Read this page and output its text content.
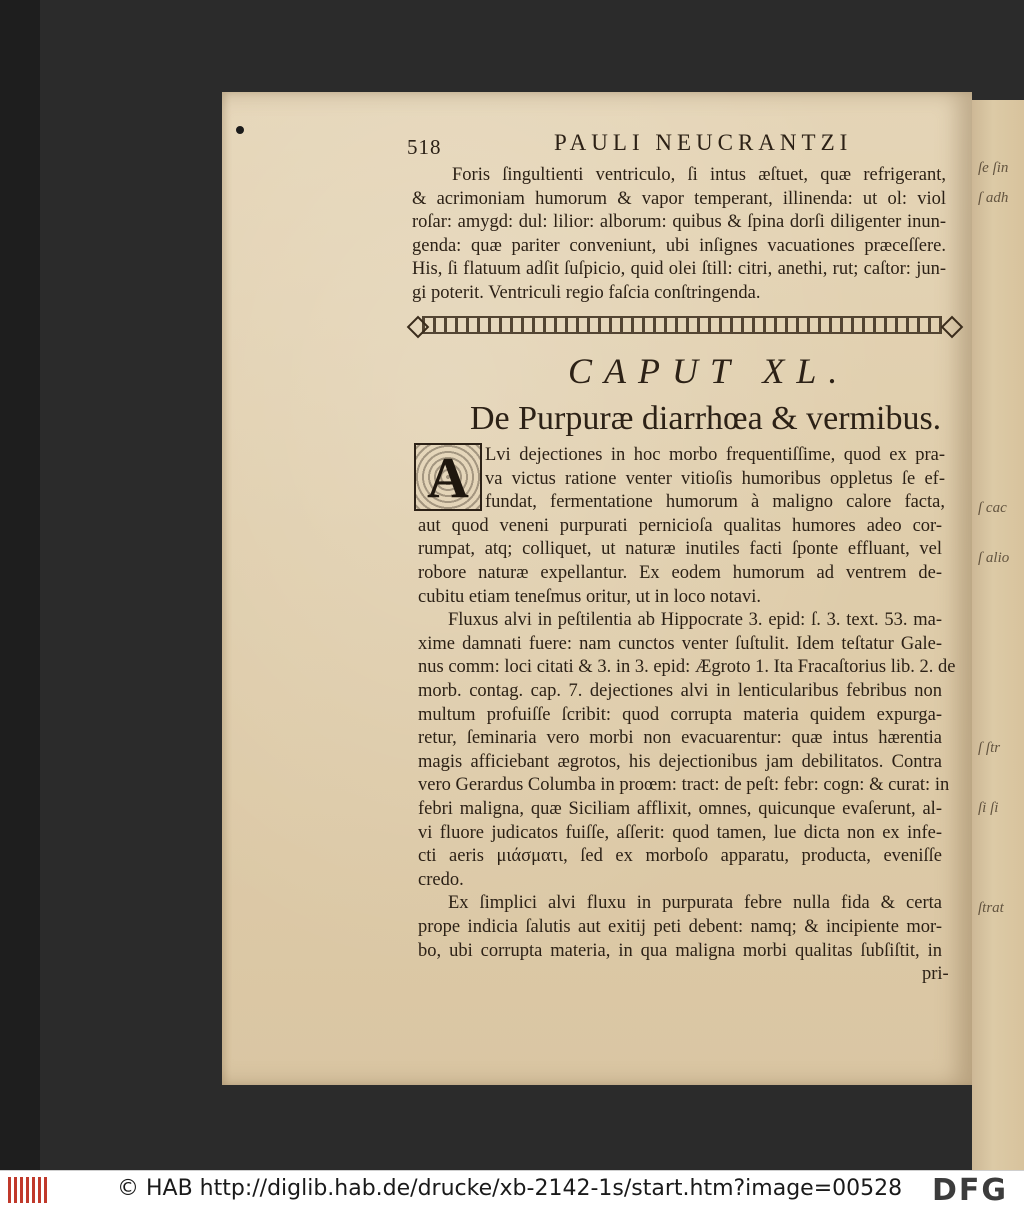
ſe ſin
ſ adh
ſ cac
ſ alio
ſ ſtr
ſi ſi
ſtrat
518	PAULI NEUCRANTZI
Foris ſingultienti ventriculo, ſi intus æſtuet, quæ refrigerant,
& acrimoniam humorum & vapor temperant, illinenda: ut ol: viol
roſar: amygd: dul: lilior: alborum: quibus & ſpina dorſi diligenter inun-
genda: quæ pariter conveniunt, ubi inſignes vacuationes præceſſere.
His, ſi flatuum adſit ſuſpicio, quid olei ſtill: citri, anethi, rut; caſtor: jun-
gi poterit. Ventriculi regio faſcia conſtringenda.
CAPUT XL.
De Purpuræ diarrhœa & vermibus.
A Lvi dejectiones in hoc morbo frequentiſſime, quod ex pra-
va victus ratione venter vitioſis humoribus oppletus ſe ef-
fundat, fermentatione humorum à maligno calore facta,
aut quod veneni purpurati pernicioſa qualitas humores adeo cor-
rumpat, atq; colliquet, ut naturæ inutiles facti ſponte effluant, vel
robore naturæ expellantur. Ex eodem humorum ad ventrem de-
cubitu etiam teneſmus oritur, ut in loco notavi.
Fluxus alvi in peſtilentia ab Hippocrate 3. epid: ſ. 3. text. 53. ma-
xime damnati fuere: nam cunctos venter ſuſtulit. Idem teſtatur Gale-
nus comm: loci citati & 3. in 3. epid: Ægroto 1. Ita Fracaſtorius lib. 2. de
morb. contag. cap. 7. dejectiones alvi in lenticularibus febribus non
multum profuiſſe ſcribit: quod corrupta materia quidem expurga-
retur, ſeminaria vero morbi non evacuarentur: quæ intus hærentia
magis afficiebant ægrotos, his dejectionibus jam debilitatos. Contra
vero Gerardus Columba in proœm: tract: de peſt: febr: cogn: & curat: in
febri maligna, quæ Siciliam afflixit, omnes, quicunque evaſerunt, al-
vi fluore judicatos fuiſſe, aſſerit: quod tamen, lue dicta non ex infe-
cti aeris μιάσματι, ſed ex morboſo apparatu, producta, eveniſſe
credo.
Ex ſimplici alvi fluxu in purpurata febre nulla fida & certa
prope indicia ſalutis aut exitij peti debent: namq; & incipiente mor-
bo, ubi corrupta materia, in qua maligna morbi qualitas ſubſiſtit, in
pri-
© HAB http://diglib.hab.de/drucke/xb-2142-1s/start.htm?image=00528 DFG
